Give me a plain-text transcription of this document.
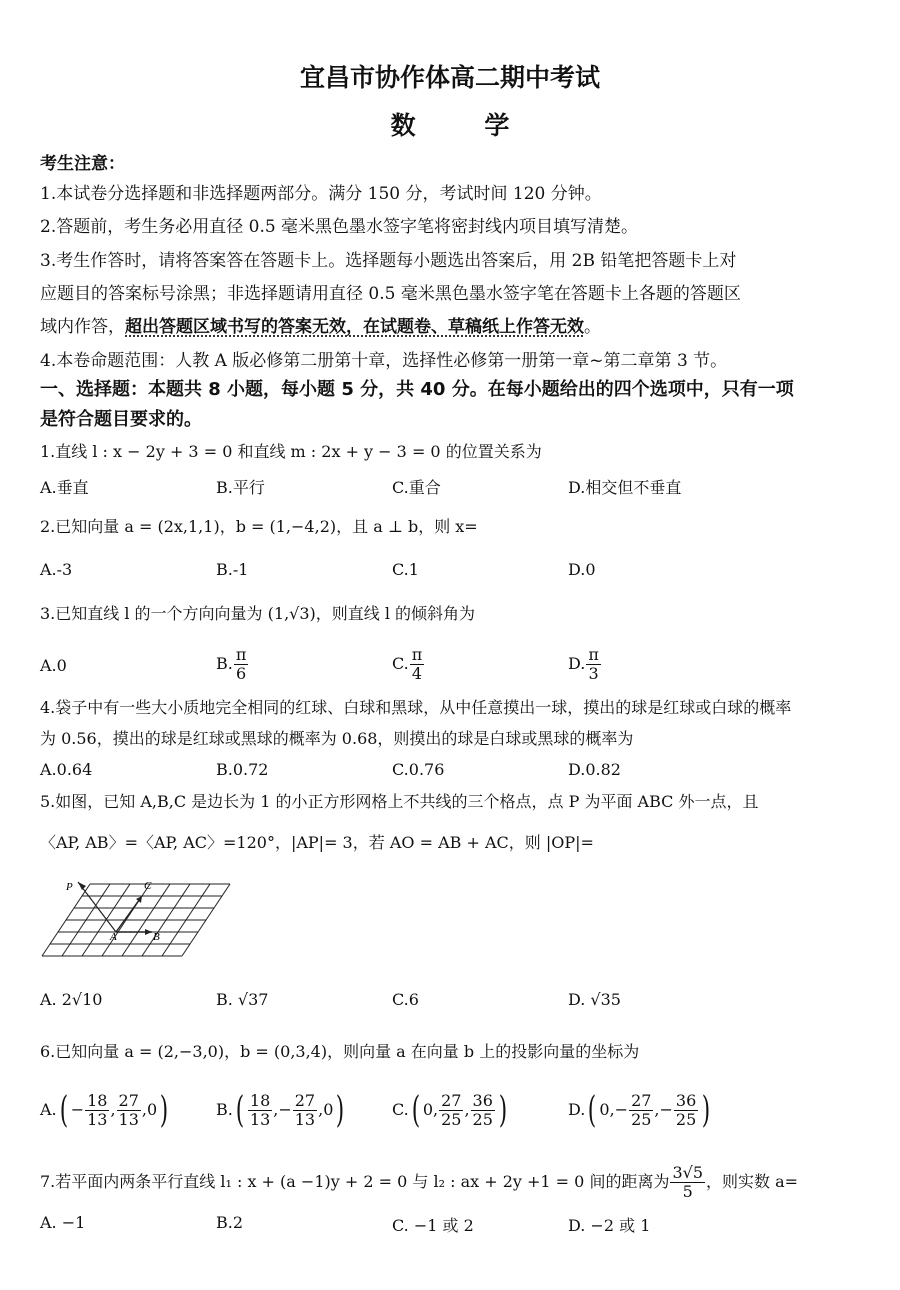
宜昌市协作体高二期中考试
数 学
考生注意：
1.本试卷分选择题和非选择题两部分。满分 150 分，考试时间 120 分钟。
2.答题前，考生务必用直径 0.5 毫米黑色墨水签字笔将密封线内项目填写清楚。
3.考生作答时，请将答案答在答题卡上。选择题每小题选出答案后，用 2B 铅笔把答题卡上对
应题目的答案标号涂黑；非选择题请用直径 0.5 毫米黑色墨水签字笔在答题卡上各题的答题区
域内作答，超出答题区域书写的答案无效，在试题卷、草稿纸上作答无效。
4.本卷命题范围：人教 A 版必修第二册第十章，选择性必修第一册第一章~第二章第 3 节。
一、选择题：本题共 8 小题，每小题 5 分，共 40 分。在每小题给出的四个选项中，只有一项
是符合题目要求的。
1.直线 l : x − 2y + 3 = 0 和直线 m : 2x + y − 3 = 0 的位置关系为
A.垂直	B.平行	C.重合	D.相交但不垂直
2.已知向量 a = (2x,1,1)，b = (1,−4,2)，且 a ⊥ b，则 x=
A.-3	B.-1	C.1	D.0
3.已知直线 l 的一个方向向量为 (1,√3)，则直线 l 的倾斜角为
A.0	B. $\frac{\pi}{6}$	C. $\frac{\pi}{4}$	D. $\frac{\pi}{3}$
4.袋子中有一些大小质地完全相同的红球、白球和黑球，从中任意摸出一球，摸出的球是红球或白球的概率
为 0.56，摸出的球是红球或黑球的概率为 0.68，则摸出的球是白球或黑球的概率为
A.0.64	B.0.72	C.0.76	D.0.82
5.如图，已知 A,B,C 是边长为 1 的小正方形网格上不共线的三个格点，点 P 为平面 ABC 外一点，且
〈AP, AB〉=〈AP, AC〉=120°，|AP|= 3，若 AO = AB + AC，则 |OP|=
P	C
A	B
A. 2√10	B. √37	C.6	D. √35
6.已知向量 a = (2,−3,0)，b = (0,3,4)，则向量 a 在向量 b 上的投影向量的坐标为
$A.( - \frac{18}{13}$ , $\frac{27}{13} ,0$)	$B.( \frac{18}{13}$ ,− $\frac{27}{13} ,0$)	C.( 0, $\frac{27}{25}$ , $\frac{36}{25}$ )	D.( $0,- \frac{27}{25}$ ,− $\frac{36}{25}$ )
7.若平面内两条平行直线 l₁ : x + (a −1)y + 2 = 0 与 l₂ : ax + 2y +1 = 0 间的距离为 $\frac{3√5}{5}$ ，则实数 a=
A. −1	B.2	C. −1 或 2	D. −2 或 1
